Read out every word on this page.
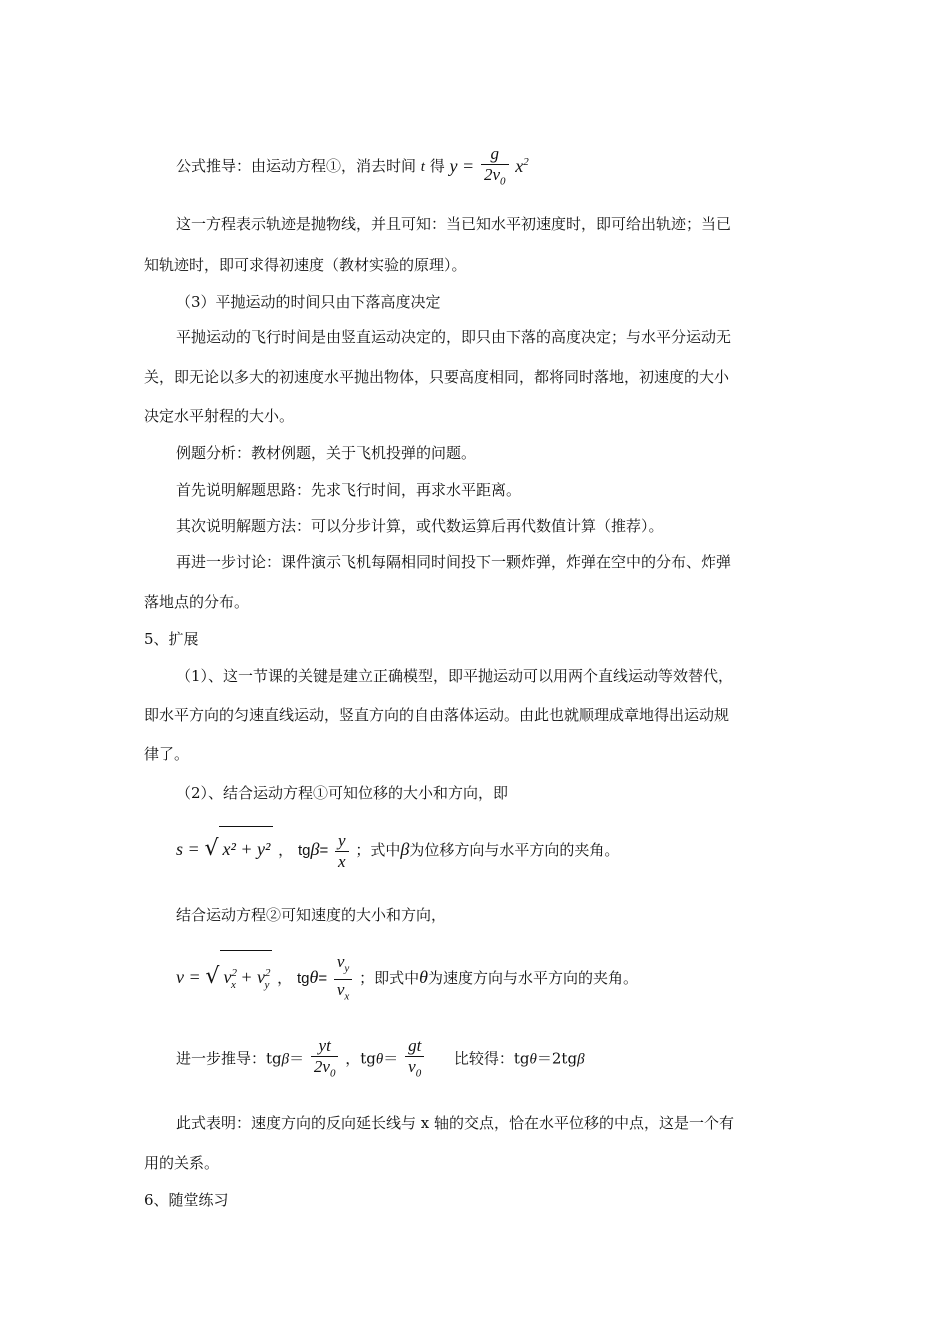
公式推导：由运动方程①，消去时间 t 得 $y = \frac{g}{2v_0} x^2$
这一方程表示轨迹是抛物线，并且可知：当已知水平初速度时，即可给出轨迹；当已
知轨迹时，即可求得初速度（教材实验的原理）。
（3）平抛运动的时间只由下落高度决定
平抛运动的飞行时间是由竖直运动决定的，即只由下落的高度决定；与水平分运动无
关，即无论以多大的初速度水平抛出物体，只要高度相同，都将同时落地，初速度的大小
决定水平射程的大小。
例题分析：教材例题，关于飞机投弹的问题。
首先说明解题思路：先求飞行时间，再求水平距离。
其次说明解题方法：可以分步计算，或代数运算后再代数值计算（推荐）。
再进一步讨论：课件演示飞机每隔相同时间投下一颗炸弹，炸弹在空中的分布、炸弹
落地点的分布。
5、扩展
（1）、这一节课的关键是建立正确模型，即平抛运动可以用两个直线运动等效替代，
即水平方向的匀速直线运动，竖直方向的自由落体运动。由此也就顺理成章地得出运动规
律了。
（2）、结合运动方程①可知位移的大小和方向，即
s = √ x² + y² ， $tg\beta= \frac{y}{x}$ ；式中β为位移方向与水平方向的夹角。
结合运动方程②可知速度的大小和方向，
v = √ $v^2_x + v^2_y$ ， $tg\theta= \frac{v_y}{v_x}$ ；即式中θ为速度方向与水平方向的夹角。
进一步推导：$tg\beta= \frac{yt}{2v_0}$ ，$tg\theta= \frac{gt}{v_0}$ 比较得：tgθ＝2tgβ
此式表明：速度方向的反向延长线与 x 轴的交点，恰在水平位移的中点，这是一个有
用的关系。
6、随堂练习
